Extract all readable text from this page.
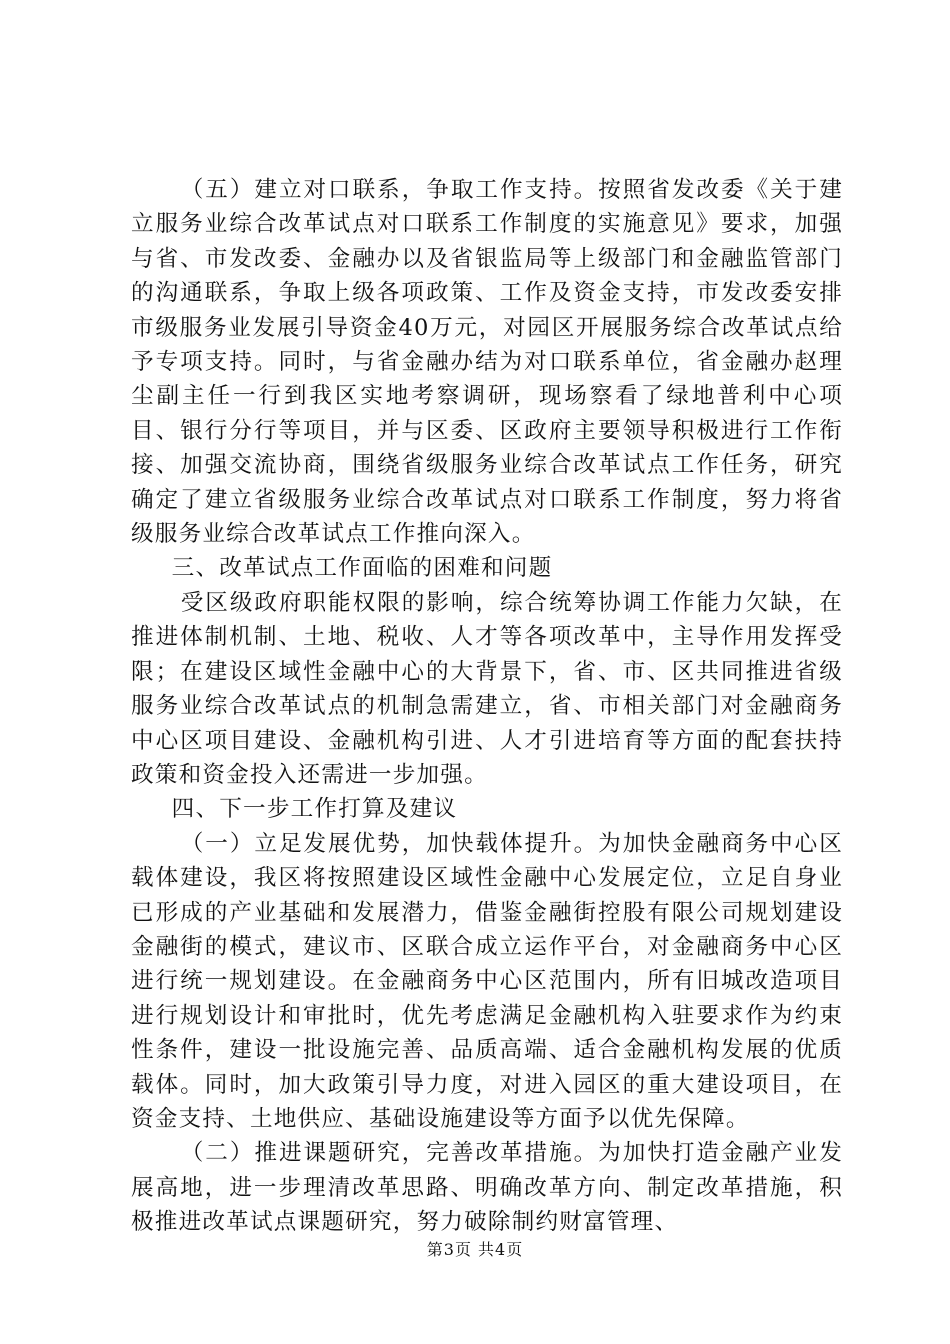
（五）建立对口联系，争取工作支持。按照省发改委《关于建立服务业综合改革试点对口联系工作制度的实施意见》要求，加强与省、市发改委、金融办以及省银监局等上级部门和金融监管部门的沟通联系，争取上级各项政策、工作及资金支持，市发改委安排市级服务业发展引导资金40万元，对园区开展服务综合改革试点给予专项支持。同时，与省金融办结为对口联系单位，省金融办赵理尘副主任一行到我区实地考察调研，现场察看了绿地普利中心项目、银行分行等项目，并与区委、区政府主要领导积极进行工作衔接、加强交流协商，围绕省级服务业综合改革试点工作任务，研究确定了建立省级服务业综合改革试点对口联系工作制度，努力将省级服务业综合改革试点工作推向深入。

三、改革试点工作面临的困难和问题

受区级政府职能权限的影响，综合统筹协调工作能力欠缺，在推进体制机制、土地、税收、人才等各项改革中，主导作用发挥受限；在建设区域性金融中心的大背景下，省、市、区共同推进省级服务业综合改革试点的机制急需建立，省、市相关部门对金融商务中心区项目建设、金融机构引进、人才引进培育等方面的配套扶持政策和资金投入还需进一步加强。

四、下一步工作打算及建议

（一）立足发展优势，加快载体提升。为加快金融商务中心区载体建设，我区将按照建设区域性金融中心发展定位，立足自身业已形成的产业基础和发展潜力，借鉴金融街控股有限公司规划建设金融街的模式，建议市、区联合成立运作平台，对金融商务中心区进行统一规划建设。在金融商务中心区范围内，所有旧城改造项目进行规划设计和审批时，优先考虑满足金融机构入驻要求作为约束性条件，建设一批设施完善、品质高端、适合金融机构发展的优质载体。同时，加大政策引导力度，对进入园区的重大建设项目，在资金支持、土地供应、基础设施建设等方面予以优先保障。

（二）推进课题研究，完善改革措施。为加快打造金融产业发展高地，进一步理清改革思路、明确改革方向、制定改革措施，积极推进改革试点课题研究，努力破除制约财富管理、

第3页 共4页
